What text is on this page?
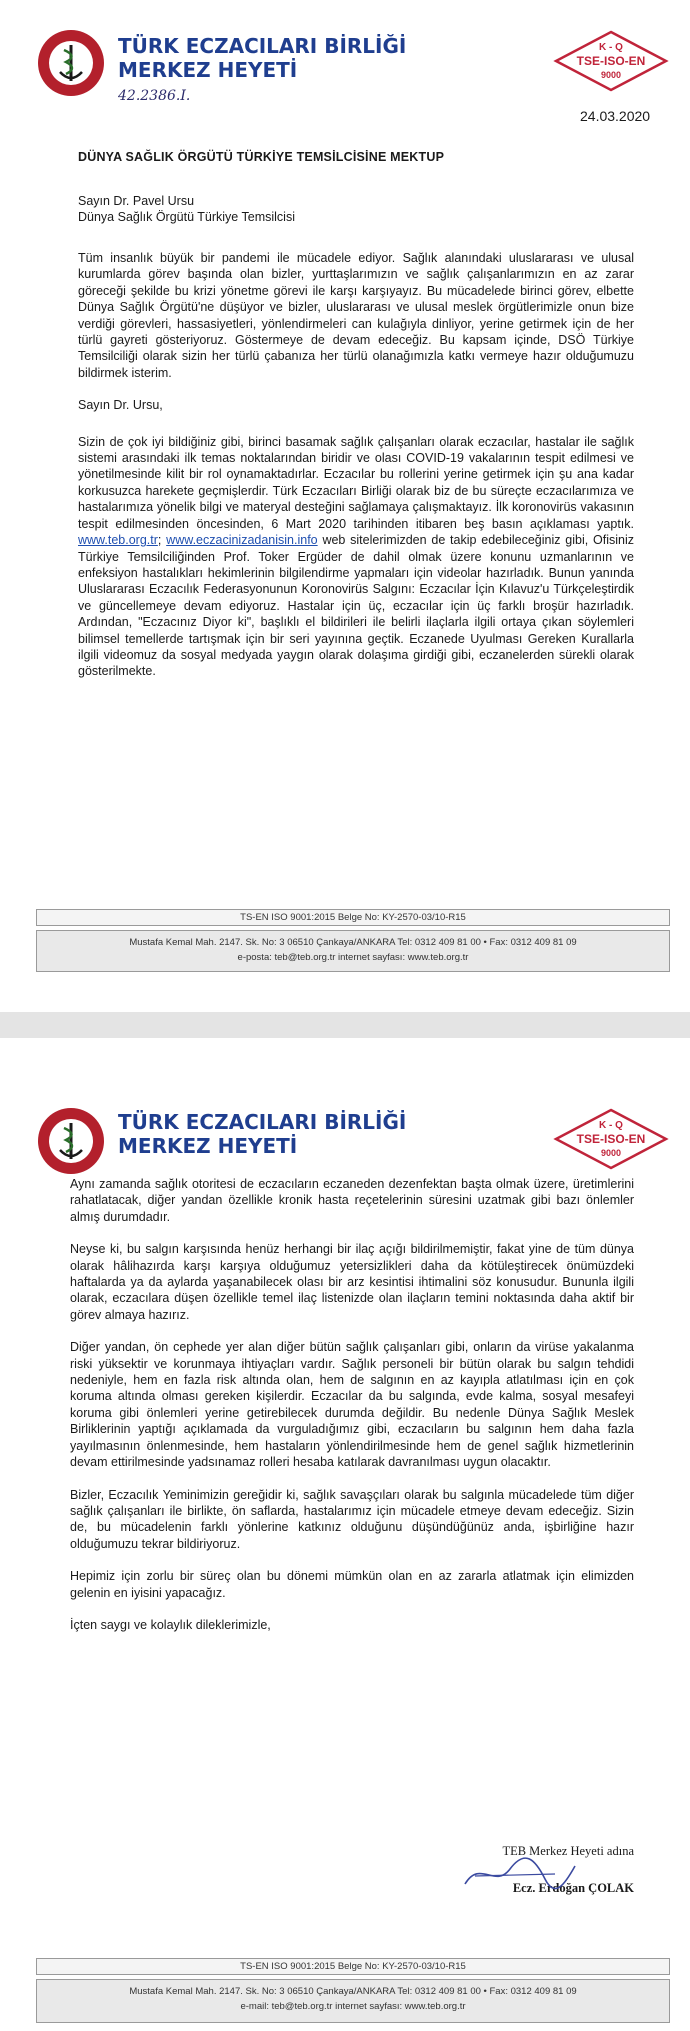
TÜRK ECZACILARI BİRLİĞİ
MERKEZ HEYETİ
K - Q
TSE-ISO-EN
9000
42.2386.I.
24.03.2020
DÜNYA SAĞLIK ÖRGÜTÜ TÜRKİYE TEMSİLCİSİNE MEKTUP
Sayın Dr. Pavel Ursu
Dünya Sağlık Örgütü Türkiye Temsilcisi

Tüm insanlık büyük bir pandemi ile mücadele ediyor. Sağlık alanındaki uluslararası ve ulusal kurumlarda görev başında olan bizler, yurttaşlarımızın ve sağlık çalışanlarımızın en az zarar göreceği şekilde bu krizi yönetme görevi ile karşı karşıyayız. Bu mücadelede birinci görev, elbette Dünya Sağlık Örgütü'ne düşüyor ve bizler, uluslararası ve ulusal meslek örgütlerimizle onun bize verdiği görevleri, hassasiyetleri, yönlendirmeleri can kulağıyla dinliyor, yerine getirmek için de her türlü gayreti gösteriyoruz. Göstermeye de devam edeceğiz. Bu kapsam içinde, DSÖ Türkiye Temsilciliği olarak sizin her türlü çabanıza her türlü olanağımızla katkı vermeye hazır olduğumuzu bildirmek isterim.

Sayın Dr. Ursu,

Sizin de çok iyi bildiğiniz gibi, birinci basamak sağlık çalışanları olarak eczacılar, hastalar ile sağlık sistemi arasındaki ilk temas noktalarından biridir ve olası COVID-19 vakalarının tespit edilmesi ve yönetilmesinde kilit bir rol oynamaktadırlar. Eczacılar bu rollerini yerine getirmek için şu ana kadar korkusuzca harekete geçmişlerdir. Türk Eczacıları Birliği olarak biz de bu süreçte eczacılarımıza ve hastalarımıza yönelik bilgi ve materyal desteğini sağlamaya çalışmaktayız. İlk koronovirüs vakasının tespit edilmesinden öncesinden, 6 Mart 2020 tarihinden itibaren beş basın açıklaması yaptık. www.teb.org.tr; www.eczacinizadanisin.info web sitelerimizden de takip edebileceğiniz gibi, Ofisiniz Türkiye Temsilciliğinden Prof. Toker Ergüder de dahil olmak üzere konunu uzmanlarının ve enfeksiyon hastalıkları hekimlerinin bilgilendirme yapmaları için videolar hazırladık. Bunun yanında Uluslararası Eczacılık Federasyonunun Koronovirüs Salgını: Eczacılar İçin Kılavuz'u Türkçeleştirdik ve güncellemeye devam ediyoruz. Hastalar için üç, eczacılar için üç farklı broşür hazırladık. Ardından, "Eczacınız Diyor ki", başlıklı el bildirileri ile belirli ilaçlarla ilgili ortaya çıkan söylemleri bilimsel temellerde tartışmak için bir seri yayınına geçtik. Eczanede Uyulması Gereken Kurallarla ilgili videomuz da sosyal medyada yaygın olarak dolaşıma girdiği gibi, eczanelerden sürekli olarak gösterilmekte.

TS-EN ISO 9001:2015 Belge No: KY-2570-03/10-R15
Mustafa Kemal Mah. 2147. Sk. No: 3 06510 Çankaya/ANKARA Tel: 0312 409 81 00 • Fax: 0312 409 81 09
e-posta: teb@teb.org.tr internet sayfası: www.teb.org.tr
TÜRK ECZACILARI BİRLİĞİ
MERKEZ HEYETİ
K - Q
TSE-ISO-EN
9000

Aynı zamanda sağlık otoritesi de eczacıların eczaneden dezenfektan başta olmak üzere, üretimlerini rahatlatacak, diğer yandan özellikle kronik hasta reçetelerinin süresini uzatmak gibi bazı önlemler almış durumdadır.

Neyse ki, bu salgın karşısında henüz herhangi bir ilaç açığı bildirilmemiştir, fakat yine de tüm dünya olarak hâlihazırda karşı karşıya olduğumuz yetersizlikleri daha da kötüleştirecek önümüzdeki haftalarda ya da aylarda yaşanabilecek olası bir arz kesintisi ihtimalini söz konusudur. Bununla ilgili olarak, eczacılara düşen özellikle temel ilaç listenizde olan ilaçların temini noktasında daha aktif bir görev almaya hazırız.

Diğer yandan, ön cephede yer alan diğer bütün sağlık çalışanları gibi, onların da virüse yakalanma riski yüksektir ve korunmaya ihtiyaçları vardır. Sağlık personeli bir bütün olarak bu salgın tehdidi nedeniyle, hem en fazla risk altında olan, hem de salgının en az kayıpla atlatılması için en çok koruma altında olması gereken kişilerdir. Eczacılar da bu salgında, evde kalma, sosyal mesafeyi koruma gibi önlemleri yerine getirebilecek durumda değildir. Bu nedenle Dünya Sağlık Meslek Birliklerinin yaptığı açıklamada da vurguladığımız gibi, eczacıların bu salgının hem daha fazla yayılmasının önlenmesinde, hem hastaların yönlendirilmesinde hem de genel sağlık hizmetlerinin devam ettirilmesinde yadsınamaz rolleri hesaba katılarak davranılması uygun olacaktır.

Bizler, Eczacılık Yeminimizin gereğidir ki, sağlık savaşçıları olarak bu salgınla mücadelede tüm diğer sağlık çalışanları ile birlikte, ön saflarda, hastalarımız için mücadele etmeye devam edeceğiz. Sizin de, bu mücadelenin farklı yönlerine katkınız olduğunu düşündüğünüz anda, işbirliğine hazır olduğumuzu tekrar bildiriyoruz.

Hepimiz için zorlu bir süreç olan bu dönemi mümkün olan en az zararla atlatmak için elimizden gelenin en iyisini yapacağız.

İçten saygı ve kolaylık dileklerimizle,

TEB Merkez Heyeti adına
Ecz. Erdoğan ÇOLAK
TS-EN ISO 9001:2015 Belge No: KY-2570-03/10-R15
Mustafa Kemal Mah. 2147. Sk. No: 3 06510 Çankaya/ANKARA Tel: 0312 409 81 00 • Fax: 0312 409 81 09
e-mail: teb@teb.org.tr internet sayfası: www.teb.org.tr
